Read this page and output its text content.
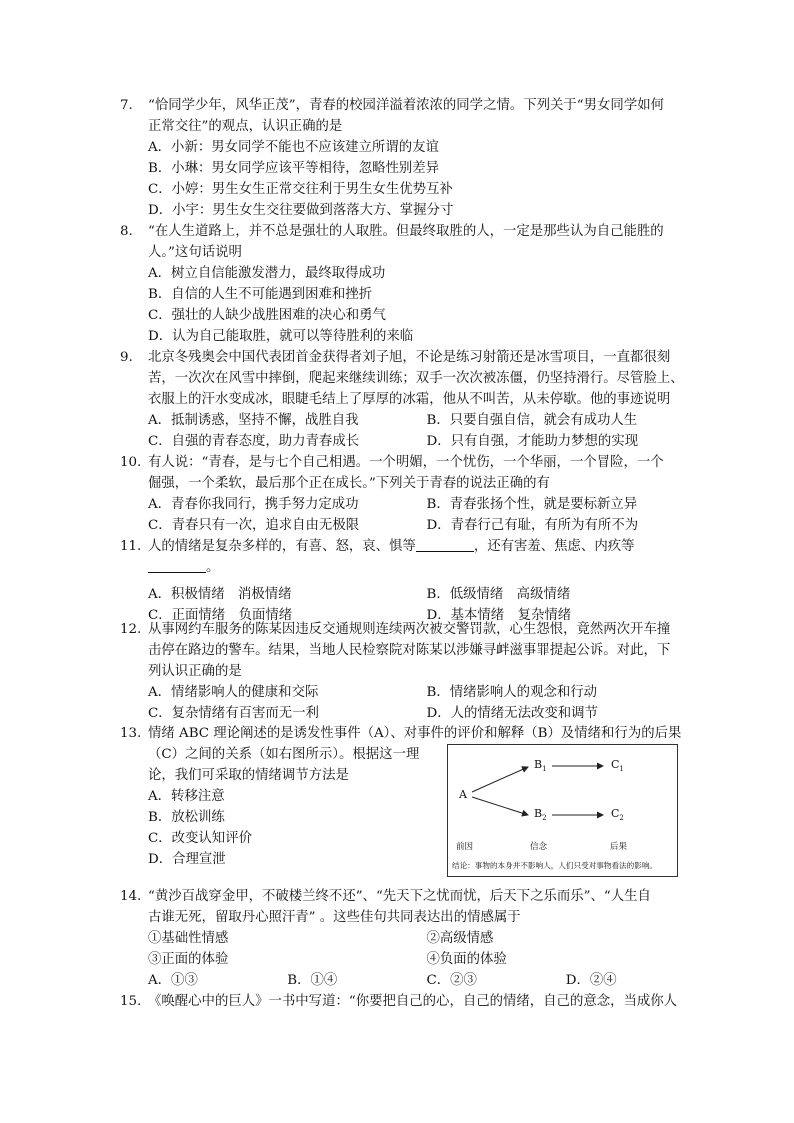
7. “恰同学少年，风华正茂”，青春的校园洋溢着浓浓的同学之情。下列关于“男女同学如何
正常交往”的观点，认识正确的是
A．小新：男女同学不能也不应该建立所谓的友谊
B．小琳：男女同学应该平等相待，忽略性别差异
C．小婷：男生女生正常交往利于男生女生优势互补
D．小宇：男生女生交往要做到落落大方、掌握分寸
8. “在人生道路上，并不总是强壮的人取胜。但最终取胜的人，一定是那些认为自己能胜的
人。”这句话说明
A．树立自信能激发潜力，最终取得成功
B．自信的人生不可能遇到困难和挫折
C．强壮的人缺少战胜困难的决心和勇气
D．认为自己能取胜，就可以等待胜利的来临
9. 北京冬残奥会中国代表团首金获得者刘子旭，不论是练习射箭还是冰雪项目，一直都很刻
苦，一次次在风雪中摔倒，爬起来继续训练；双手一次次被冻僵，仍坚持滑行。尽管脸上、
衣服上的汗水变成冰，眼睫毛结上了厚厚的冰霜，他从不叫苦，从未停歇。他的事迹说明
A．抵制诱惑，坚持不懈，战胜自我	B．只要自强自信，就会有成功人生
C．自强的青春态度，助力青春成长	D．只有自强，才能助力梦想的实现
10. 有人说：“青春，是与七个自己相遇。一个明媚，一个忧伤，一个华丽，一个冒险，一个
倔强，一个柔软，最后那个正在成长。”下列关于青春的说法正确的有
A．青春你我同行，携手努力定成功	B．青春张扬个性，就是要标新立异
C．青春只有一次，追求自由无极限	D．青春行己有耻，有所为有所不为
11. 人的情绪是复杂多样的，有喜、怒，哀、惧等	，还有害羞、焦虑、内疚等
。
A．积极情绪　消极情绪	B．低级情绪　高级情绪
C．正面情绪　负面情绪	D．基本情绪　复杂情绪
12. 从事网约车服务的陈某因违反交通规则连续两次被交警罚款，心生怨恨，竟然两次开车撞
击停在路边的警车。结果，当地人民检察院对陈某以涉嫌寻衅滋事罪提起公诉。对此，下
列认识正确的是
A．情绪影响人的健康和交际	B．情绪影响人的观念和行动
C．复杂情绪有百害而无一利	D．人的情绪无法改变和调节
13. 情绪 ABC 理论阐述的是诱发性事件（A）、对事件的评价和解释（B）及情绪和行为的后果
（C）之间的关系（如右图所示）。根据这一理
论，我们可采取的情绪调节方法是
A．转移注意
B．放松训练
C．改变认知评价
D．合理宣泄
A
$B_1$	$C_1$
$B_2$	$C_2$
前因	信念	后果
结论：事物的本身并不影响人，人们只受对事物看法的影响。
14. “黄沙百战穿金甲，不破楼兰终不还”、“先天下之忧而忧，后天下之乐而乐”、“人生自
古谁无死，留取丹心照汗青” 。这些佳句共同表达出的情感属于
①基础性情感	②高级情感
③正面的体验	④负面的体验
A．①③	B．①④	C．②③	D．②④
15. 《唤醒心中的巨人》一书中写道：“你要把自己的心，自己的情绪，自己的意念，当成你人
